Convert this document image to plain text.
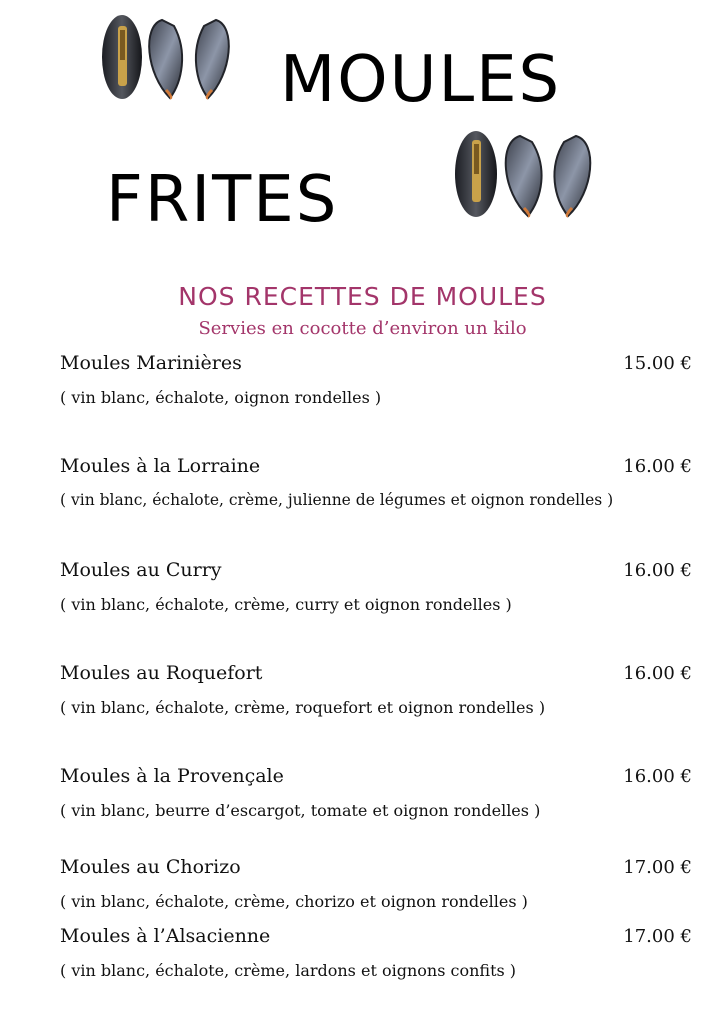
MOULES
FRITES
NOS RECETTES DE MOULES
Servies en cocotte d’environ un kilo
Moules Marinières	15.00 €
( vin blanc, échalote, oignon rondelles )
Moules à la Lorraine	16.00 €
( vin blanc, échalote, crème, julienne de légumes et oignon rondelles )
Moules au Curry	16.00 €
( vin blanc, échalote, crème, curry et oignon rondelles )
Moules au Roquefort	16.00 €
( vin blanc, échalote, crème, roquefort et oignon rondelles )
Moules à la Provençale	16.00 €
( vin blanc, beurre d’escargot, tomate et oignon rondelles )
Moules au Chorizo	17.00 €
( vin blanc, échalote, crème, chorizo et oignon rondelles )
Moules à l’Alsacienne	17.00 €
( vin blanc, échalote, crème, lardons et oignons confits )
